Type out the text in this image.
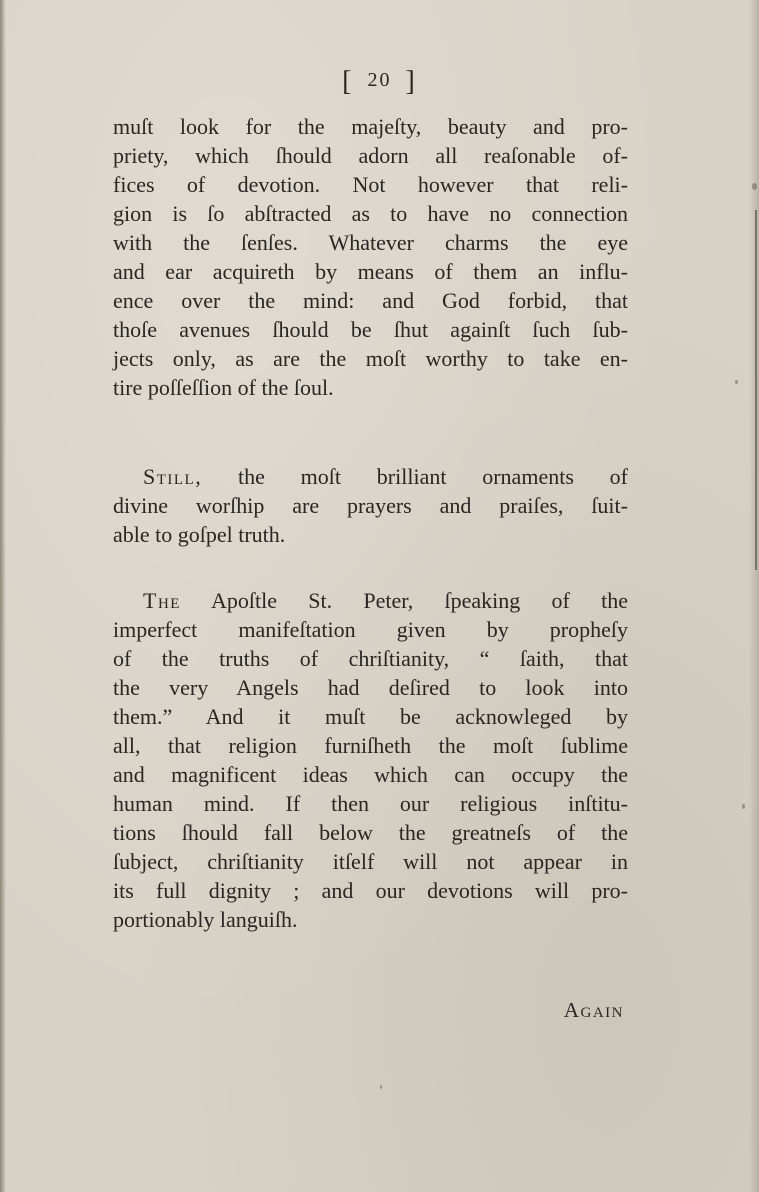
[ 20 ]
muſt look for the majeſty, beauty and pro-
priety, which ſhould adorn all reaſonable of-
fices of devotion. Not however that reli-
gion is ſo abſtracted as to have no connection
with the ſenſes. Whatever charms the eye
and ear acquireth by means of them an influ-
ence over the mind: and God forbid, that
thoſe avenues ſhould be ſhut againſt ſuch ſub-
jects only, as are the moſt worthy to take en-
tire poſſeſſion of the ſoul.
Still, the moſt brilliant ornaments of
divine worſhip are prayers and praiſes, ſuit-
able to goſpel truth.
The Apoſtle St. Peter, ſpeaking of the
imperfect manifeſtation given by propheſy
of the truths of chriſtianity, “ ſaith, that
the very Angels had deſired to look into
them.” And it muſt be acknowleged by
all, that religion furniſheth the moſt ſublime
and magnificent ideas which can occupy the
human mind. If then our religious inſtitu-
tions ſhould fall below the greatneſs of the
ſubject, chriſtianity itſelf will not appear in
its full dignity ; and our devotions will pro-
portionably languiſh.
Again
